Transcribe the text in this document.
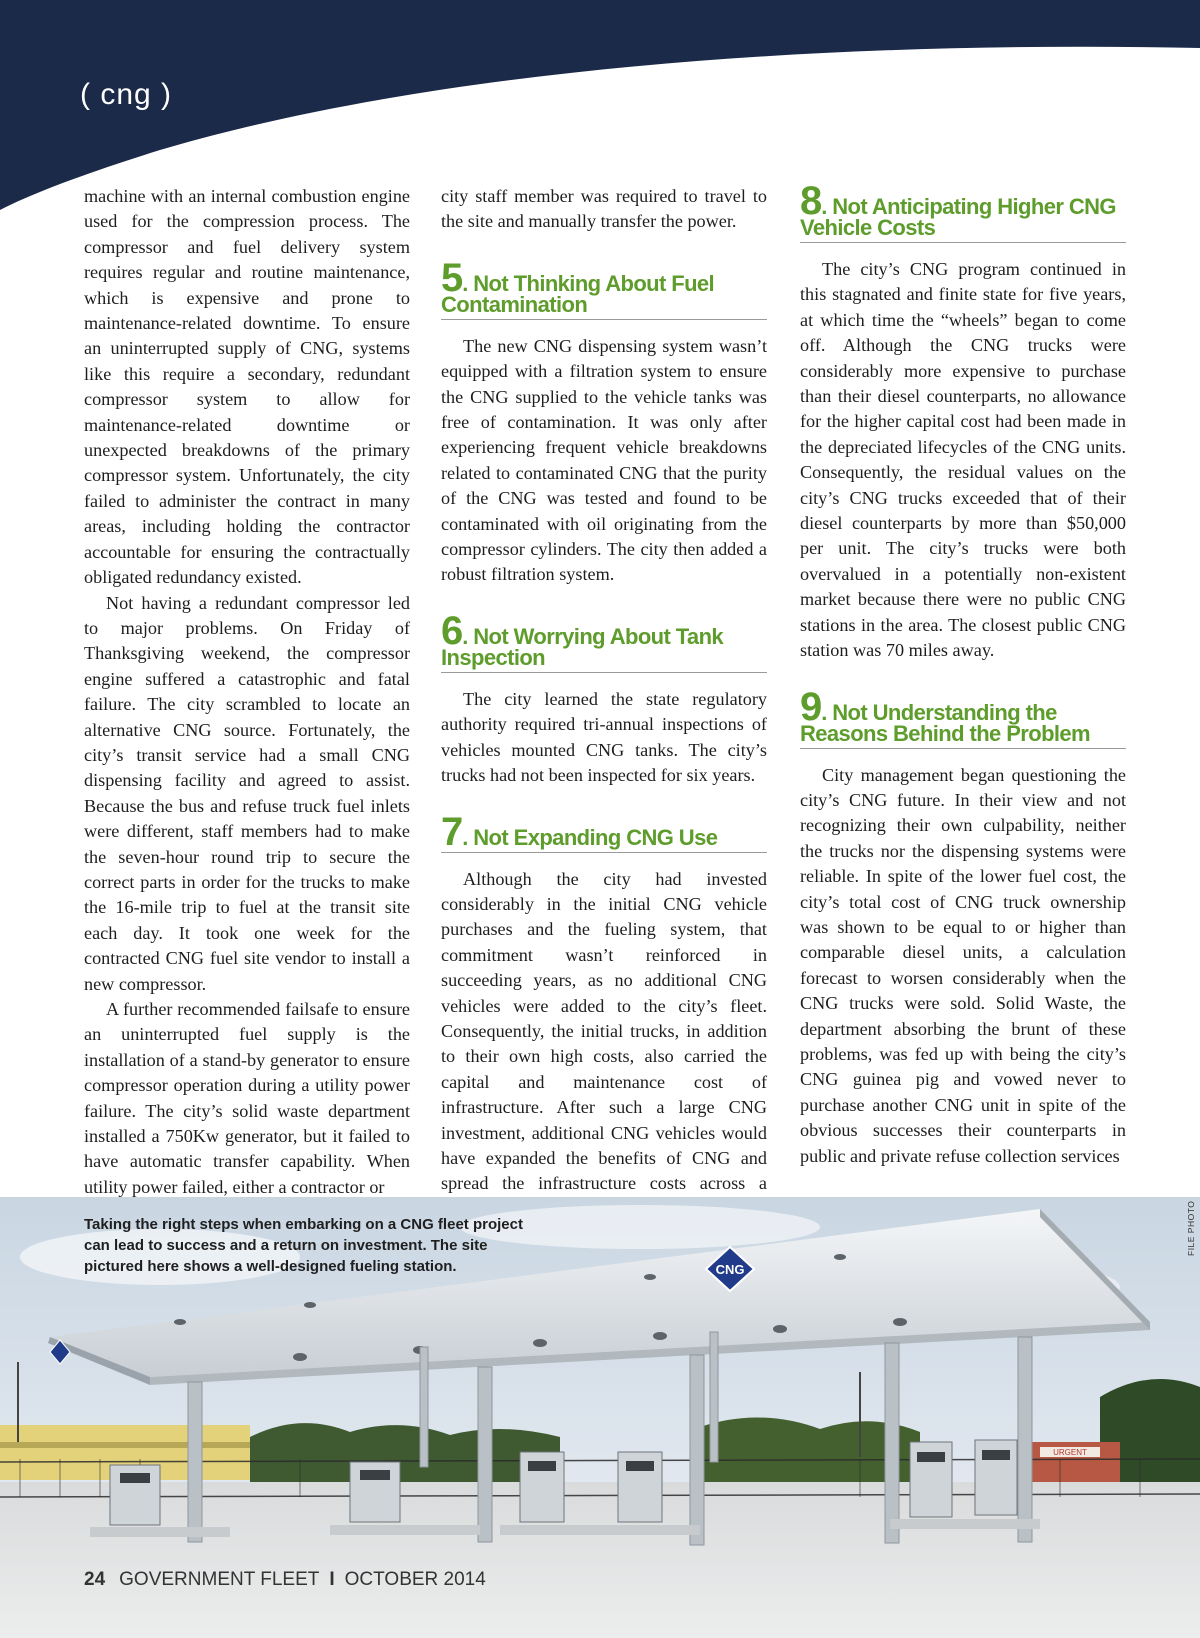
( cng )

machine with an internal combustion engine used for the compression process. The compressor and fuel delivery system requires regular and routine maintenance, which is expensive and prone to maintenance-related downtime. To ensure an uninterrupted supply of CNG, systems like this require a secondary, redundant compressor system to allow for maintenance-related downtime or unexpected breakdowns of the primary compressor system. Unfortunately, the city failed to administer the contract in many areas, including holding the contractor accountable for ensuring the contractually obligated redundancy existed.

Not having a redundant compressor led to major problems. On Friday of Thanksgiving weekend, the compressor engine suffered a catastrophic and fatal failure. The city scrambled to locate an alternative CNG source. Fortunately, the city’s transit service had a small CNG dispensing facility and agreed to assist. Because the bus and refuse truck fuel inlets were different, staff members had to make the seven-hour round trip to secure the correct parts in order for the trucks to make the 16-mile trip to fuel at the transit site each day. It took one week for the contracted CNG fuel site vendor to install a new compressor.

A further recommended failsafe to ensure an uninterrupted fuel supply is the installation of a stand-by generator to ensure compressor operation during a utility power failure. The city’s solid waste department installed a 750Kw generator, but it failed to have automatic transfer capability. When utility power failed, either a contractor or

city staff member was required to travel to the site and manually transfer the power.

5. Not Thinking About Fuel Contamination

The new CNG dispensing system wasn’t equipped with a filtration system to ensure the CNG supplied to the vehicle tanks was free of contamination. It was only after experiencing frequent vehicle breakdowns related to contaminated CNG that the purity of the CNG was tested and found to be contaminated with oil originating from the compressor cylinders. The city then added a robust filtration system.

6. Not Worrying About Tank Inspection

The city learned the state regulatory authority required tri-annual inspections of vehicles mounted CNG tanks. The city’s trucks had not been inspected for six years.

7. Not Expanding CNG Use

Although the city had invested considerably in the initial CNG vehicle purchases and the fueling system, that commitment wasn’t reinforced in succeeding years, as no additional CNG vehicles were added to the city’s fleet. Consequently, the initial trucks, in addition to their own high costs, also carried the capital and maintenance cost of infrastructure. After such a large CNG investment, additional CNG vehicles would have expanded the benefits of CNG and spread the infrastructure costs across a

8. Not Anticipating Higher CNG Vehicle Costs

The city’s CNG program continued in this stagnated and finite state for five years, at which time the “wheels” began to come off. Although the CNG trucks were considerably more expensive to purchase than their diesel counterparts, no allowance for the higher capital cost had been made in the depreciated lifecycles of the CNG units. Consequently, the residual values on the city’s CNG trucks exceeded that of their diesel counterparts by more than $50,000 per unit. The city’s trucks were both overvalued in a potentially non-existent market because there were no public CNG stations in the area. The closest public CNG station was 70 miles away.

9. Not Understanding the Reasons Behind the Problem

City management began questioning the city’s CNG future. In their view and not recognizing their own culpability, neither the trucks nor the dispensing systems were reliable. In spite of the lower fuel cost, the city’s total cost of CNG truck ownership was shown to be equal to or higher than comparable diesel units, a calculation forecast to worsen considerably when the CNG trucks were sold. Solid Waste, the department absorbing the brunt of these problems, was fed up with being the city’s CNG guinea pig and vowed never to purchase another CNG unit in spite of the obvious successes their counterparts in public and private refuse collection services

URGENT
CNG
Taking the right steps when embarking on a CNG fleet project can lead to success and a return on investment. The site pictured here shows a well-designed fueling station.
FILE PHOTO
24 GOVERNMENT FLEET I OCTOBER 2014
